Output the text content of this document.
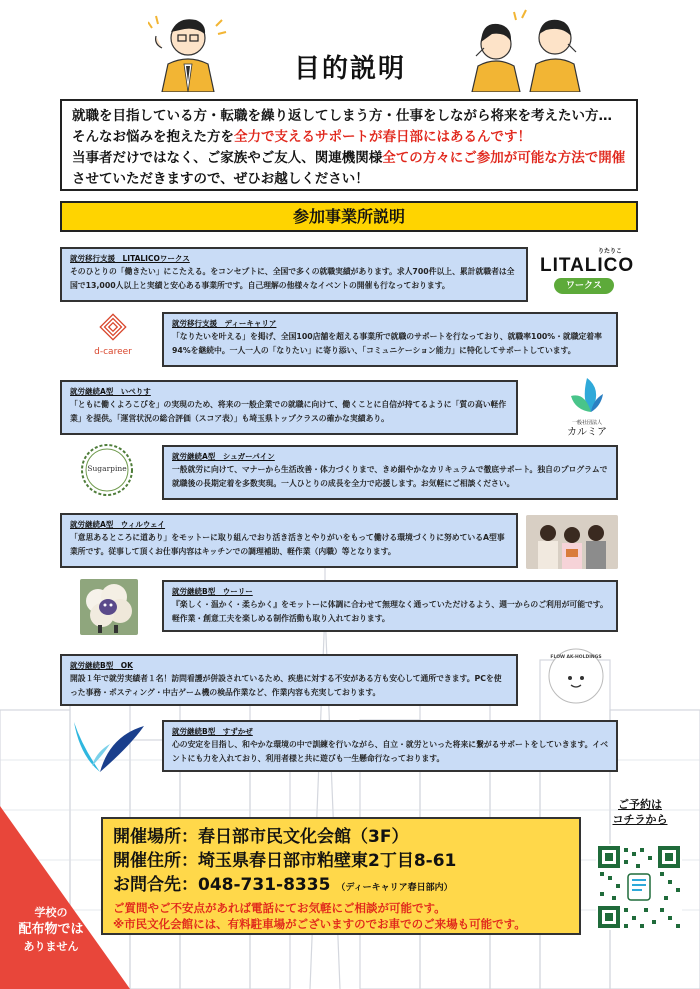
目的説明

就職を目指している方・転職を繰り返してしまう方・仕事をしながら将来を考えたい方…

そんなお悩みを抱えた方を全力で支えるサポートが春日部にはあるんです！

当事者だけではなく、ご家族やご友人、関連機関様全ての方々にご参加が可能な方法で開催させていただきますので、ぜひお越しください！

参加事業所説明
就労移行支援　LITALICOワークス
そのひとりの「働きたい」にこたえる。をコンセプトに、全国で多くの就職実績があります。求人700件以上、累計就職者は全国で13,000人以上と実績と安心ある事業所です。自己理解の他様々なイベントの開催も行なっております。
就労移行支援　ディーキャリア
「なりたいを叶える」を掲げ、全国100店舗を超える事業所で就職のサポートを行なっており、就職率100%・就職定着率94%を継続中。一人一人の「なりたい」に寄り添い、「コミュニケーション能力」に特化してサポートしています。
就労継続A型　いぺりす
「ともに働くよろこびを」の実現のため、将来の一般企業での就職に向けて、働くことに自信が持てるように「質の高い軽作業」を提供。「運営状況の総合評価（スコア表）」も埼玉県トップクラスの確かな実績あり。
就労継続A型　シュガーパイン
一般就労に向けて、マナーから生活改善・体力づくりまで、きめ細やかなカリキュラムで徹底サポート。独自のプログラムで就職後の長期定着を多数実現。一人ひとりの成長を全力で応援します。お気軽にご相談ください。
就労継続A型　ウィルウェイ
「意思あるところに道あり」をモットーに取り組んでおり活き活きとやりがいをもって働ける環境づくりに努めているA型事業所です。従事して頂くお仕事内容はキッチンでの調理補助、軽作業（内職）等となります。
就労継続B型　ウーリー
『楽しく・温かく・柔らかく』をモットーに体調に合わせて無理なく通っていただけるよう、週一からのご利用が可能です。軽作業・創意工夫を楽しめる制作活動も取り入れております。
就労継続B型　OK
開設１年で就労実績者１名！訪問看護が併設されているため、疾患に対する不安がある方も安心して通所できます。PCを使った事務・ポスティング・中古ゲーム機の検品作業など、作業内容も充実しております。
就労継続B型　すずかぜ
心の安定を目指し、和やかな環境の中で訓練を行いながら、自立・就労といった将来に繋がるサポートをしていきます。イベントにも力を入れており、利用者様と共に遊びも一生懸命行なっております。
りたりこ
LITALICO
ワークス
d-career
一般社団法人
カルミア
Sugarpine
FLOW AK-HOLDINGS
開催場所：春日部市民文化会館（3F）
開催住所：埼玉県春日部市粕壁東2丁目8-61
お問合先：048-731-8335 （ディーキャリア春日部内）
ご質問やご不安点があれば電話にてお気軽にご相談が可能です。
※市民文化会館には、有料駐車場がございますのでお車でのご来場も可能です。
ご予約は
コチラから
学校の
配布物では
ありません
